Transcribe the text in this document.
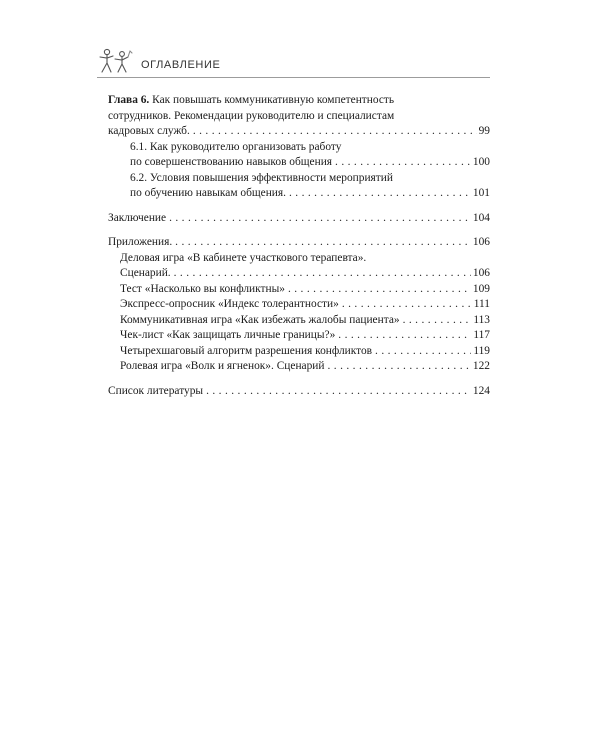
ОГЛАВЛЕНИЕ
Глава 6.
Как повышать коммуникативную компетентность
сотрудников. Рекомендации руководителю и специалистам
кадровых служб. . . .	99
6.1. Как руководителю организовать работу
по совершенствованию навыков общения . . .	100
6.2. Условия повышения эффективности мероприятий
по обучению навыкам общения. . . .	101
Заключение . . .	104
Приложения. . . .	106
Деловая игра «В кабинете участкового терапевта».
Сценарий. . . .	106
Тест «Насколько вы конфликтны» . . .	109
Экспресс-опросник «Индекс толерантности» . . .	111
Коммуникативная игра «Как избежать жалобы пациента» . . .	113
Чек-лист «Как защищать личные границы?» . . .	117
Четырехшаговый алгоритм разрешения конфликтов . . .	119
Ролевая игра «Волк и ягненок». Сценарий . . .	122
Список литературы . . .	124
